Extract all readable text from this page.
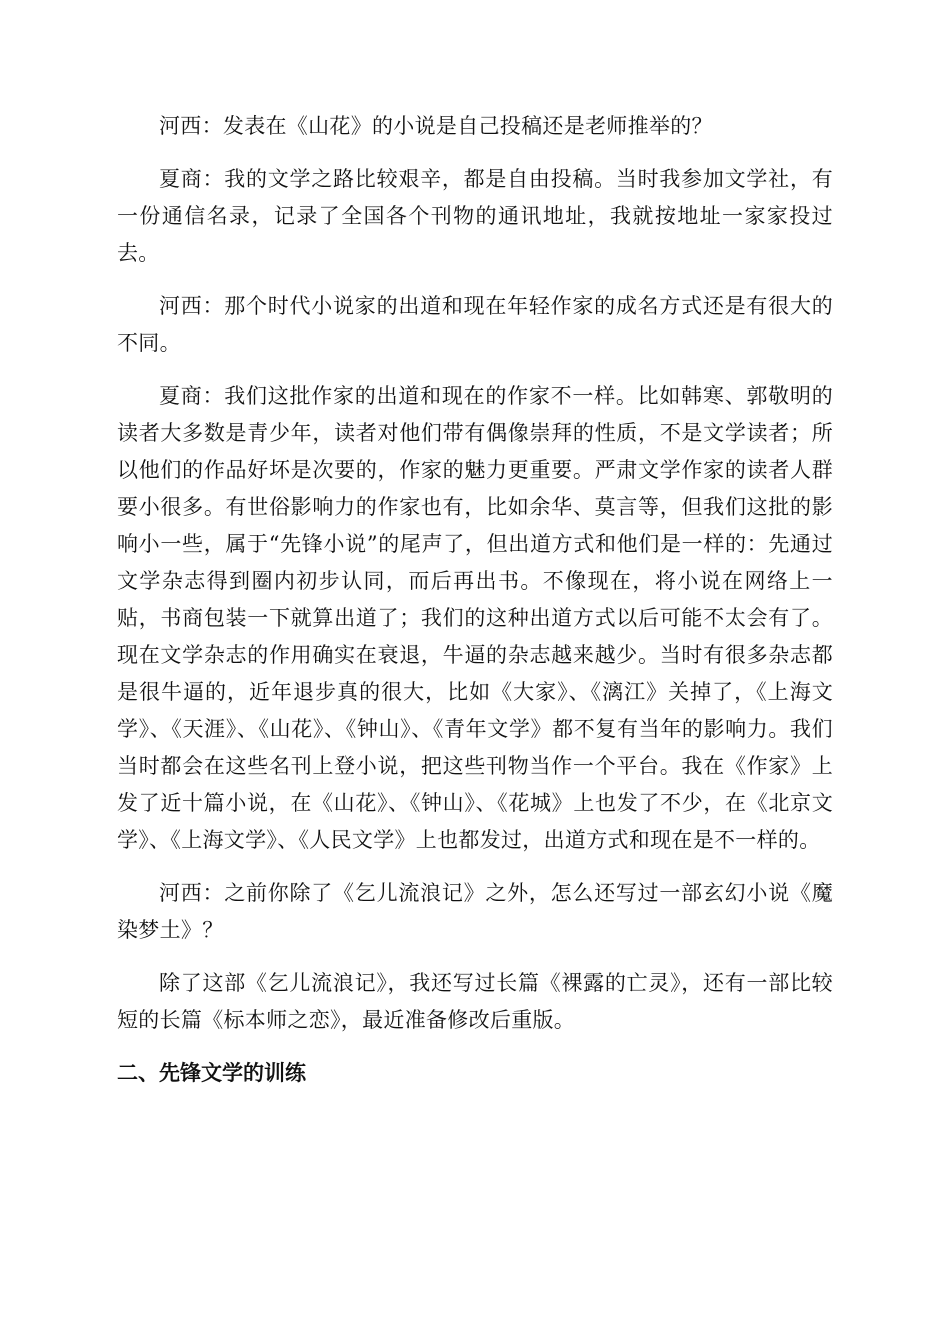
河西：发表在《山花》的小说是自己投稿还是老师推举的？

夏商：我的文学之路比较艰辛，都是自由投稿。当时我参加文学社，有一份通信名录，记录了全国各个刊物的通讯地址，我就按地址一家家投过去。

河西：那个时代小说家的出道和现在年轻作家的成名方式还是有很大的不同。

夏商：我们这批作家的出道和现在的作家不一样。比如韩寒、郭敬明的读者大多数是青少年，读者对他们带有偶像崇拜的性质，不是文学读者；所以他们的作品好坏是次要的，作家的魅力更重要。严肃文学作家的读者人群要小很多。有世俗影响力的作家也有，比如余华、莫言等，但我们这批的影响小一些，属于“先锋小说”的尾声了，但出道方式和他们是一样的：先通过文学杂志得到圈内初步认同，而后再出书。不像现在，将小说在网络上一贴，书商包装一下就算出道了；我们的这种出道方式以后可能不太会有了。现在文学杂志的作用确实在衰退，牛逼的杂志越来越少。当时有很多杂志都是很牛逼的，近年退步真的很大，比如《大家》、《漓江》关掉了，《上海文学》、《天涯》、《山花》、《钟山》、《青年文学》都不复有当年的影响力。我们当时都会在这些名刊上登小说，把这些刊物当作一个平台。我在《作家》上发了近十篇小说，在《山花》、《钟山》、《花城》上也发了不少，在《北京文学》、《上海文学》、《人民文学》上也都发过，出道方式和现在是不一样的。

河西：之前你除了《乞儿流浪记》之外，怎么还写过一部玄幻小说《魔染梦土》？

除了这部《乞儿流浪记》，我还写过长篇《裸露的亡灵》，还有一部比较短的长篇《标本师之恋》，最近准备修改后重版。

二、先锋文学的训练
